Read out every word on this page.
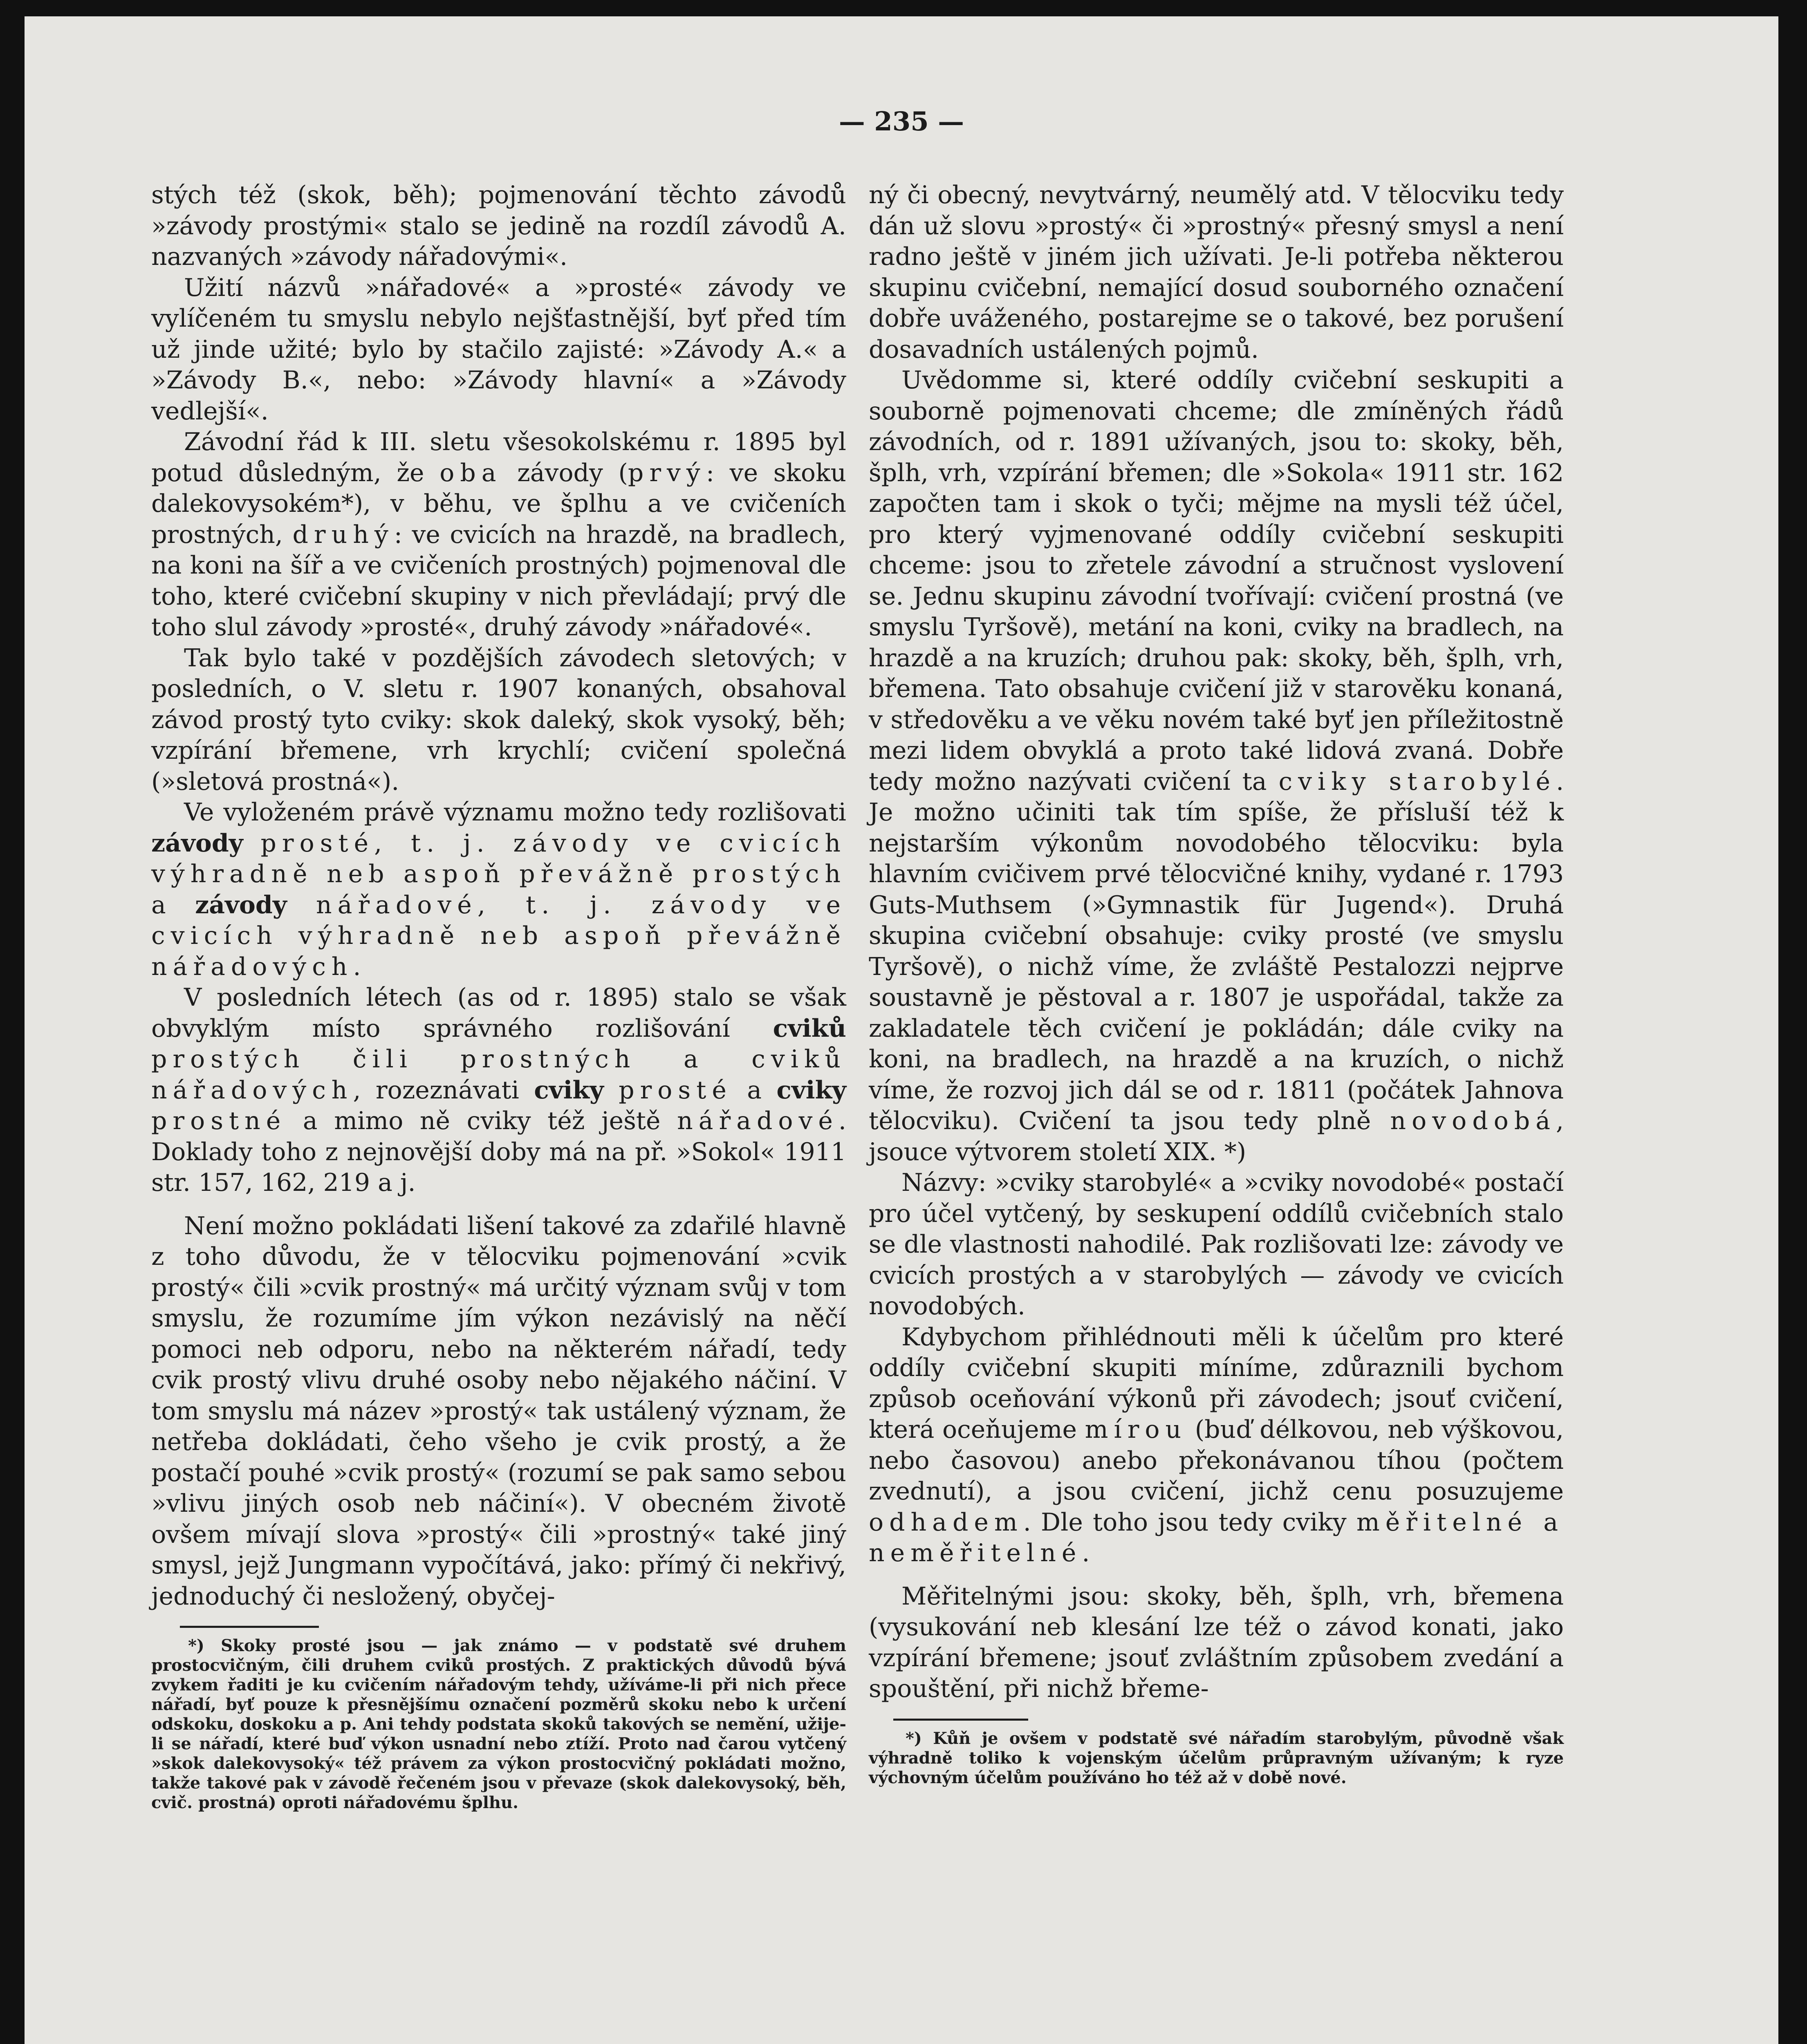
— 235 —

stých též (skok, běh); pojmenování těchto závodů »závody prostými« stalo se jedině na rozdíl závodů A. nazvaných »závody nářadovými«.

Užití názvů »nářadové« a »prosté« závody ve vylíčeném tu smyslu nebylo nejšťastnější, byť před tím už jinde užité; bylo by stačilo zajisté: »Závody A.« a »Závody B.«, nebo: »Závody hlavní« a »Závody vedlejší«.

Závodní řád k III. sletu všesokolskému r. 1895 byl potud důsledným, že oba závody (prvý: ve skoku dalekovysokém*), v běhu, ve šplhu a ve cvičeních prostných, druhý: ve cvicích na hrazdě, na bradlech, na koni na šíř a ve cvičeních prostných) pojmenoval dle toho, které cvičební skupiny v nich převládají; prvý dle toho slul závody »prosté«, druhý závody »nářadové«.

Tak bylo také v pozdějších závodech sletových; v posledních, o V. sletu r. 1907 konaných, obsahoval závod prostý tyto cviky: skok daleký, skok vysoký, běh; vzpírání břemene, vrh krychlí; cvičení společná (»sletová prostná«).

Ve vyloženém právě významu možno tedy rozlišovati závody prosté, t. j. závody ve cvicích výhradně neb aspoň převážně prostých a závody nářadové, t. j. závody ve cvicích výhradně neb aspoň převážně nářadových.

V posledních létech (as od r. 1895) stalo se však obvyklým místo správného rozlišování cviků prostých čili prostných a cviků nářadových, rozeznávati cviky prosté a cviky prostné a mimo ně cviky též ještě nářadové. Doklady toho z nejnovější doby má na př. »Sokol« 1911 str. 157, 162, 219 a j.

Není možno pokládati lišení takové za zdařilé hlavně z toho důvodu, že v tělocviku pojmenování »cvik prostý« čili »cvik prostný« má určitý význam svůj v tom smyslu, že rozumíme jím výkon nezávislý na něčí pomoci neb odporu, nebo na některém nářadí, tedy cvik prostý vlivu druhé osoby nebo nějakého náčiní. V tom smyslu má název »prostý« tak ustálený význam, že netřeba dokládati, čeho všeho je cvik prostý, a že postačí pouhé »cvik prostý« (rozumí se pak samo sebou »vlivu jiných osob neb náčiní«). V obecném životě ovšem mívají slova »prostý« čili »prostný« také jiný smysl, jejž Jungmann vypočítává, jako: přímý či nekřivý, jednoduchý či nesložený, obyčej-

*) Skoky prosté jsou — jak známo — v podstatě své druhem prostocvičným, čili druhem cviků prostých. Z praktických důvodů bývá zvykem řaditi je ku cvičením nářadovým tehdy, užíváme-li při nich přece nářadí, byť pouze k přesnějšímu označení pozměrů skoku nebo k určení odskoku, doskoku a p. Ani tehdy podstata skoků takových se nemění, užije-li se nářadí, které buď výkon usnadní nebo ztíží. Proto nad čarou vytčený »skok dalekovysoký« též právem za výkon prostocvičný pokládati možno, takže takové pak v závodě řečeném jsou v převaze (skok dalekovysoký, běh, cvič. prostná) oproti nářadovému šplhu.

ný či obecný, nevytvárný, neumělý atd. V tělocviku tedy dán už slovu »prostý« či »prostný« přesný smysl a není radno ještě v jiném jich užívati. Je-li potřeba některou skupinu cvičební, nemající dosud souborného označení dobře uváženého, postarejme se o takové, bez porušení dosavadních ustálených pojmů.

Uvědomme si, které oddíly cvičební seskupiti a souborně pojmenovati chceme; dle zmíněných řádů závodních, od r. 1891 užívaných, jsou to: skoky, běh, šplh, vrh, vzpírání břemen; dle »Sokola« 1911 str. 162 započten tam i skok o tyči; mějme na mysli též účel, pro který vyjmenované oddíly cvičební seskupiti chceme: jsou to zřetele závodní a stručnost vyslovení se. Jednu skupinu závodní tvořívají: cvičení prostná (ve smyslu Tyršově), metání na koni, cviky na bradlech, na hrazdě a na kruzích; druhou pak: skoky, běh, šplh, vrh, břemena. Tato obsahuje cvičení již v starověku konaná, v středověku a ve věku novém také byť jen příležitostně mezi lidem obvyklá a proto také lidová zvaná. Dobře tedy možno nazývati cvičení ta cviky starobylé. Je možno učiniti tak tím spíše, že přísluší též k nejstarším výkonům novodobého tělocviku: byla hlavním cvičivem prvé tělocvičné knihy, vydané r. 1793 Guts-Muthsem (»Gymnastik für Jugend«). Druhá skupina cvičební obsahuje: cviky prosté (ve smyslu Tyršově), o nichž víme, že zvláště Pestalozzi nejprve soustavně je pěstoval a r. 1807 je uspořádal, takže za zakladatele těch cvičení je pokládán; dále cviky na koni, na bradlech, na hrazdě a na kruzích, o nichž víme, že rozvoj jich dál se od r. 1811 (počátek Jahnova tělocviku). Cvičení ta jsou tedy plně novodobá, jsouce výtvorem století XIX. *)

Názvy: »cviky starobylé« a »cviky novodobé« postačí pro účel vytčený, by seskupení oddílů cvičebních stalo se dle vlastnosti nahodilé. Pak rozlišovati lze: závody ve cvicích prostých a v starobylých — závody ve cvicích novodobých.

Kdybychom přihlédnouti měli k účelům pro které oddíly cvičební skupiti míníme, zdůraznili bychom způsob oceňování výkonů při závodech; jsouť cvičení, která oceňujeme mírou (buď délkovou, neb výškovou, nebo časovou) anebo překonávanou tíhou (počtem zvednutí), a jsou cvičení, jichž cenu posuzujeme odhadem. Dle toho jsou tedy cviky měřitelné a neměřitelné.

Měřitelnými jsou: skoky, běh, šplh, vrh, břemena (vysukování neb klesání lze též o závod konati, jako vzpírání břemene; jsouť zvláštním způsobem zvedání a spouštění, při nichž břeme-

*) Kůň je ovšem v podstatě své nářadím starobylým, původně však výhradně toliko k vojenským účelům průpravným užívaným; k ryze výchovným účelům používáno ho též až v době nové.
